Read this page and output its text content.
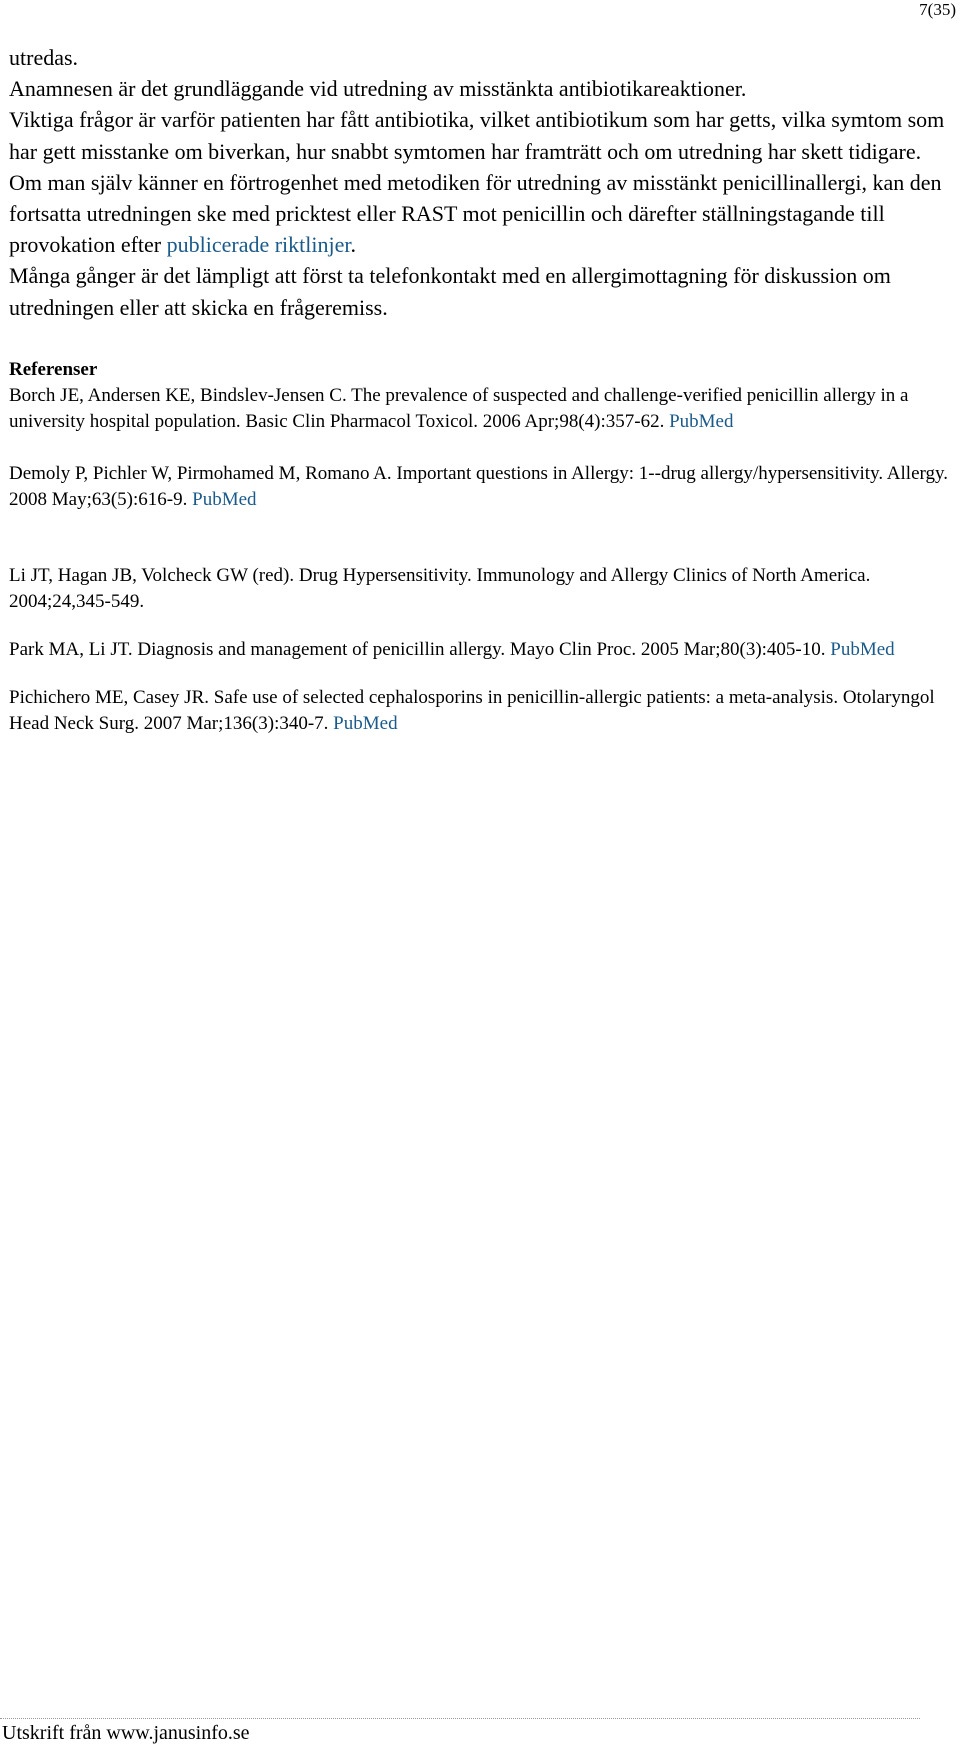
7(35)

utredas.

Anamnesen är det grundläggande vid utredning av misstänkta antibiotikareaktioner.

Viktiga frågor är varför patienten har fått antibiotika, vilket antibiotikum som har getts, vilka symtom som har gett misstanke om biverkan, hur snabbt symtomen har framträtt och om utredning har skett tidigare.

Om man själv känner en förtrogenhet med metodiken för utredning av misstänkt penicillinallergi, kan den fortsatta utredningen ske med pricktest eller RAST mot penicillin och därefter ställningstagande till provokation efter publicerade riktlinjer.

Många gånger är det lämpligt att först ta telefonkontakt med en allergimottagning för diskussion om utredningen eller att skicka en frågeremiss.

Referenser

Borch JE, Andersen KE, Bindslev-Jensen C. The prevalence of suspected and challenge-verified penicillin allergy in a university hospital population. Basic Clin Pharmacol Toxicol. 2006 Apr;98(4):357-62. PubMed

Demoly P, Pichler W, Pirmohamed M, Romano A. Important questions in Allergy: 1--drug allergy/hypersensitivity. Allergy. 2008 May;63(5):616-9. PubMed

Li JT, Hagan JB, Volcheck GW (red). Drug Hypersensitivity. Immunology and Allergy Clinics of North America. 2004;24,345-549.

Park MA, Li JT. Diagnosis and management of penicillin allergy. Mayo Clin Proc. 2005 Mar;80(3):405-10. PubMed

Pichichero ME, Casey JR. Safe use of selected cephalosporins in penicillin-allergic patients: a meta-analysis. Otolaryngol Head Neck Surg. 2007 Mar;136(3):340-7. PubMed

Utskrift från www.janusinfo.se
